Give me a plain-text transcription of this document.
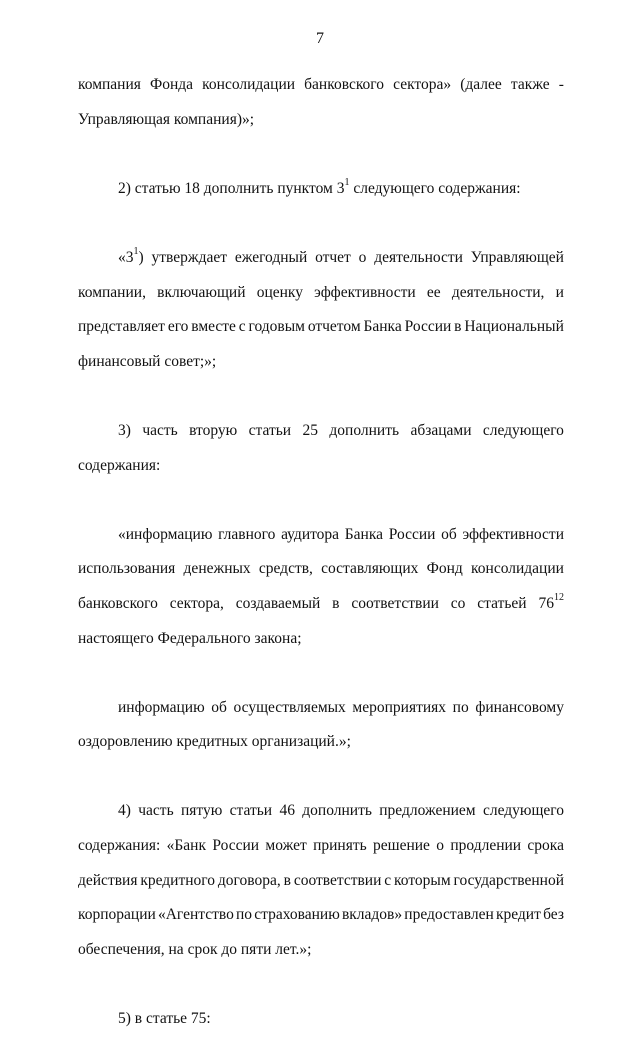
7
компания Фонда консолидации банковского сектора» (далее также -
Управляющая
компания)»;
2)
статью
18
дополнить
пунктом
$3^1$
следующего
содержания:
«$3^1$) утверждает ежегодный отчет о деятельности Управляющей
компании, включающий оценку эффективности ее деятельности, и
представляет его вместе с годовым отчетом Банка России в Национальный
финансовый
совет;»;
3) часть вторую статьи 25 дополнить абзацами следующего
содержания:
«информацию главного аудитора Банка России об эффективности
использования денежных средств, составляющих Фонд консолидации
банковского сектора, создаваемый в соответствии со статьей $76^{12}$
настоящего
Федерального
закона;
информацию об осуществляемых мероприятиях по финансовому
оздоровлению
кредитных
организаций.»;
4) часть пятую статьи 46 дополнить предложением следующего
содержания: «Банк России может принять решение о продлении срока
действия кредитного договора, в соответствии с которым государственной
корпорации «Агентство по страхованию вкладов» предоставлен кредит без
обеспечения,
на
срок
до
пяти
лет.»;
5)
в
статье
75:
